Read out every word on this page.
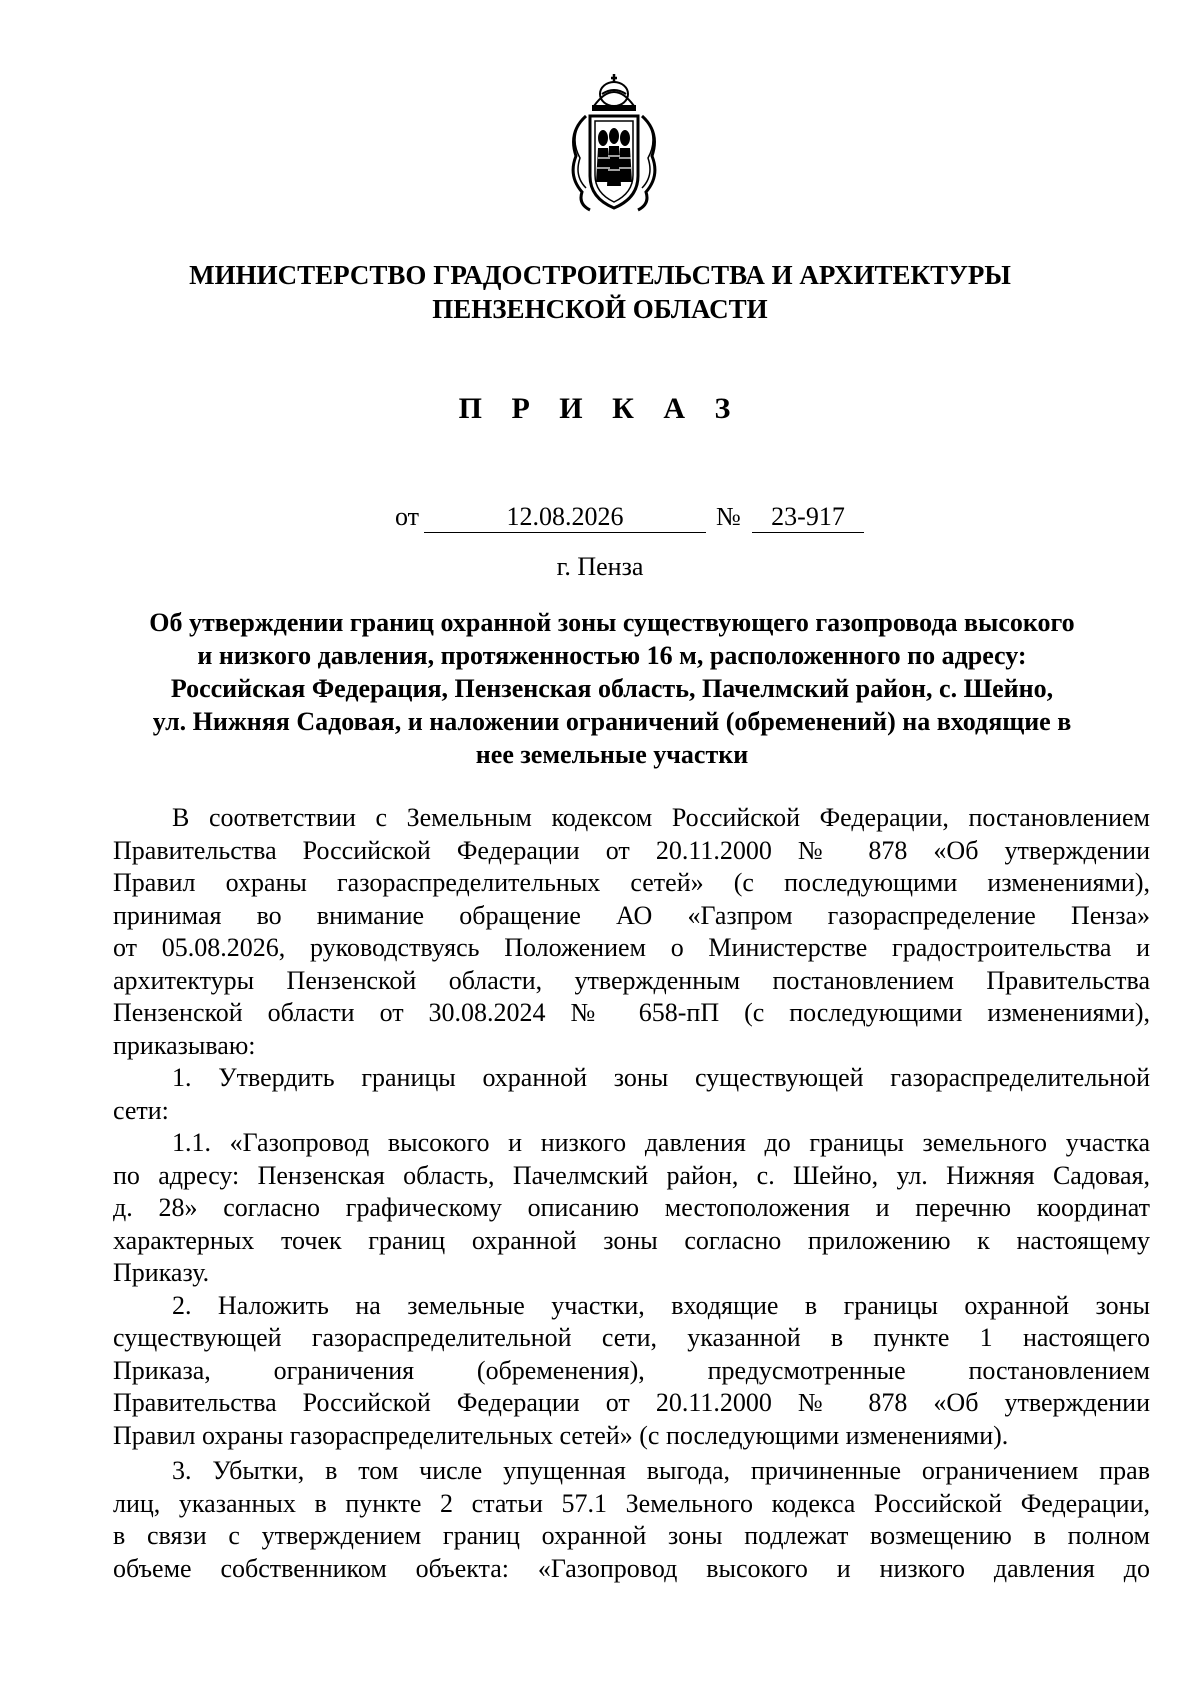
МИНИСТЕРСТВО ГРАДОСТРОИТЕЛЬСТВА И АРХИТЕКТУРЫ
ПЕНЗЕНСКОЙ ОБЛАСТИ
П Р И К А З
от	12.08.2026	№	23-917
г. Пенза
Об утверждении границ охранной зоны существующего газопровода высокого
и низкого давления, протяженностью 16 м, расположенного по адресу:
Российская Федерация, Пензенская область, Пачелмский район, с. Шейно,
ул. Нижняя Садовая, и наложении ограничений (обременений) на входящие в
нее земельные участки
В соответствии с Земельным кодексом Российской Федерации, постановлением
Правительства Российской Федерации от 20.11.2000 № 878 «Об утверждении
Правил охраны газораспределительных сетей» (с последующими изменениями),
принимая во внимание обращение АО «Газпром газораспределение Пенза»
от 05.08.2026, руководствуясь Положением о Министерстве градостроительства и
архитектуры Пензенской области, утвержденным постановлением Правительства
Пензенской области от 30.08.2024 № 658-пП (с последующими изменениями),
приказываю:
1. Утвердить границы охранной зоны существующей газораспределительной
сети:
1.1. «Газопровод высокого и низкого давления до границы земельного участка
по адресу: Пензенская область, Пачелмский район, с. Шейно, ул. Нижняя Садовая,
д. 28» согласно графическому описанию местоположения и перечню координат
характерных точек границ охранной зоны согласно приложению к настоящему
Приказу.
2. Наложить на земельные участки, входящие в границы охранной зоны
существующей газораспределительной сети, указанной в пункте 1 настоящего
Приказа, ограничения (обременения), предусмотренные постановлением
Правительства Российской Федерации от 20.11.2000 № 878 «Об утверждении
Правил охраны газораспределительных сетей» (с последующими изменениями).
3. Убытки, в том числе упущенная выгода, причиненные ограничением прав
лиц, указанных в пункте 2 статьи 57.1 Земельного кодекса Российской Федерации,
в связи с утверждением границ охранной зоны подлежат возмещению в полном
объеме собственником объекта: «Газопровод высокого и низкого давления до
